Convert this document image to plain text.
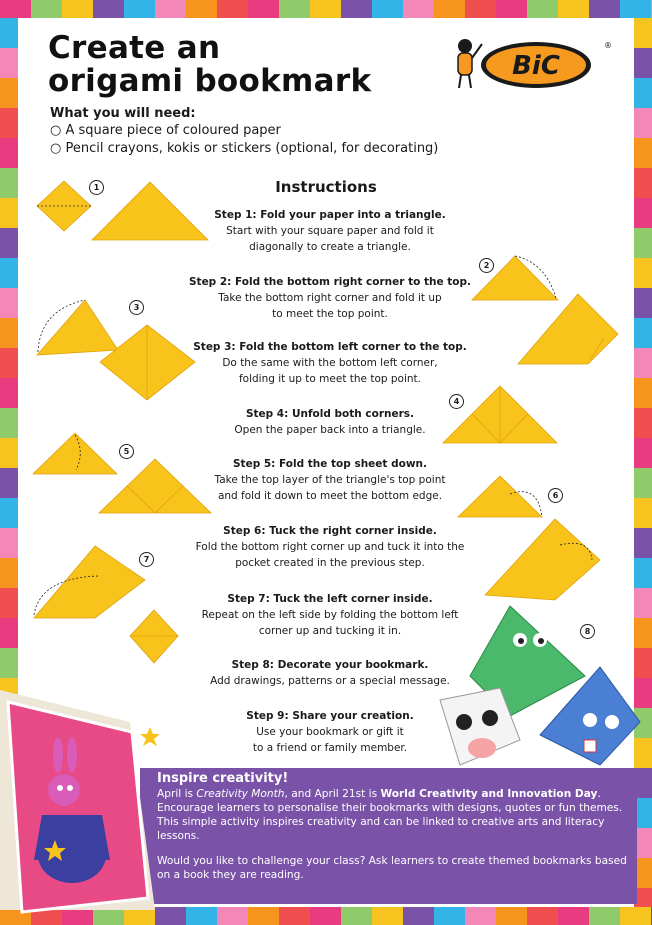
Create an
origami bookmark	BiC
®
What you will need:
○ A square piece of coloured paper
○ Pencil crayons, kokis or stickers (optional, for decorating)
Instructions
Step 1: Fold your paper into a triangle.
Start with your square paper and fold it
diagonally to create a triangle.
Step 2: Fold the bottom right corner to the top.
Take the bottom right corner and fold it up
to meet the top point.
Step 3: Fold the bottom left corner to the top.
Do the same with the bottom left corner,
folding it up to meet the top point.
Step 4: Unfold both corners.
Open the paper back into a triangle.
Step 5: Fold the top sheet down.
Take the top layer of the triangle's top point
and fold it down to meet the bottom edge.
Step 6: Tuck the right corner inside.
Fold the bottom right corner up and tuck it into the
pocket created in the previous step.
Step 7: Tuck the left corner inside.
Repeat on the left side by folding the bottom left
corner up and tucking it in.
Step 8: Decorate your bookmark.
Add drawings, patterns or a special message.
Step 9: Share your creation.
Use your bookmark or gift it
to a friend or family member.
1
2
3
4
5
6
7
8
Inspire creativity!

April is Creativity Month, and April 21st is World Creativity and Innovation Day. Encourage learners to personalise their bookmarks with designs, quotes or fun themes. This simple activity inspires creativity and can be linked to creative arts and literacy lessons.

Would you like to challenge your class? Ask learners to create themed bookmarks based on a book they are reading.
